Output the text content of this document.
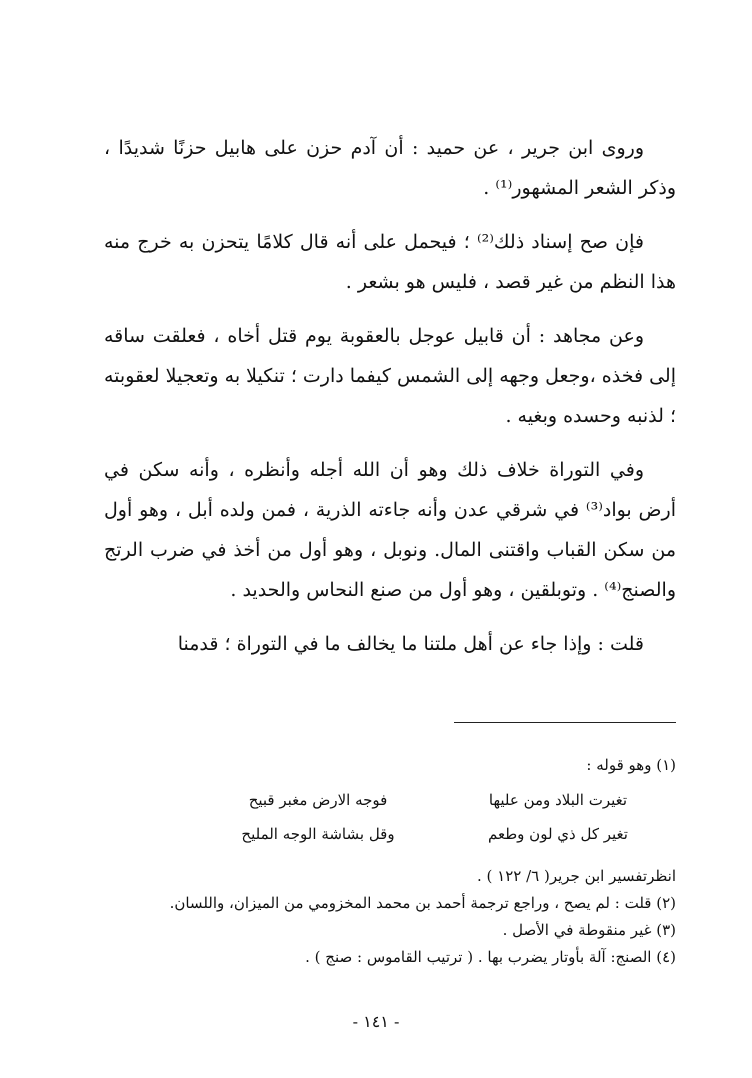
وروى ابن جرير ، عن حميد : أن آدم حزن على هابيل حزنًا شديدًا ، وذكر الشعر المشهور⁽¹⁾ .

فإن صح إسناد ذلك⁽²⁾ ؛ فيحمل على أنه قال كلامًا يتحزن به خرج منه هذا النظم من غير قصد ، فليس هو بشعر .

وعن مجاهد : أن قابيل عوجل بالعقوبة يوم قتل أخاه ، فعلقت ساقه إلى فخذه ،وجعل وجهه إلى الشمس كيفما دارت ؛ تنكيلا به وتعجيلا لعقوبته ؛ لذنبه وحسده وبغيه .

وفي التوراة خلاف ذلك وهو أن الله أجله وأنظره ، وأنه سكن في أرض بواد⁽³⁾ في شرقي عدن وأنه جاءته الذرية ، فمن ولده أبل ، وهو أول من سكن القباب واقتنى المال. ونوبل ، وهو أول من أخذ في ضرب الرتج والصنج⁽⁴⁾ . وتوبلقين ، وهو أول من صنع النحاس والحديد .

قلت : وإذا جاء عن أهل ملتنا ما يخالف ما في التوراة ؛ قدمنا

(١) وهو قوله :

تغيرت البلاد ومن عليها
فوجه الارض مغبر قبيح
تغير كل ذي لون وطعم
وقل بشاشة الوجه المليح

انظرتفسير ابن جرير( ٦/ ١٢٢ ) .

(٢) قلت : لم يصح ، وراجع ترجمة أحمد بن محمد المخزومي من الميزان، واللسان.

(٣) غير منقوطة في الأصل .

(٤) الصنج: آلة بأوتار يضرب بها . ( ترتيب القاموس : صنج ) .

- ١٤١ -
